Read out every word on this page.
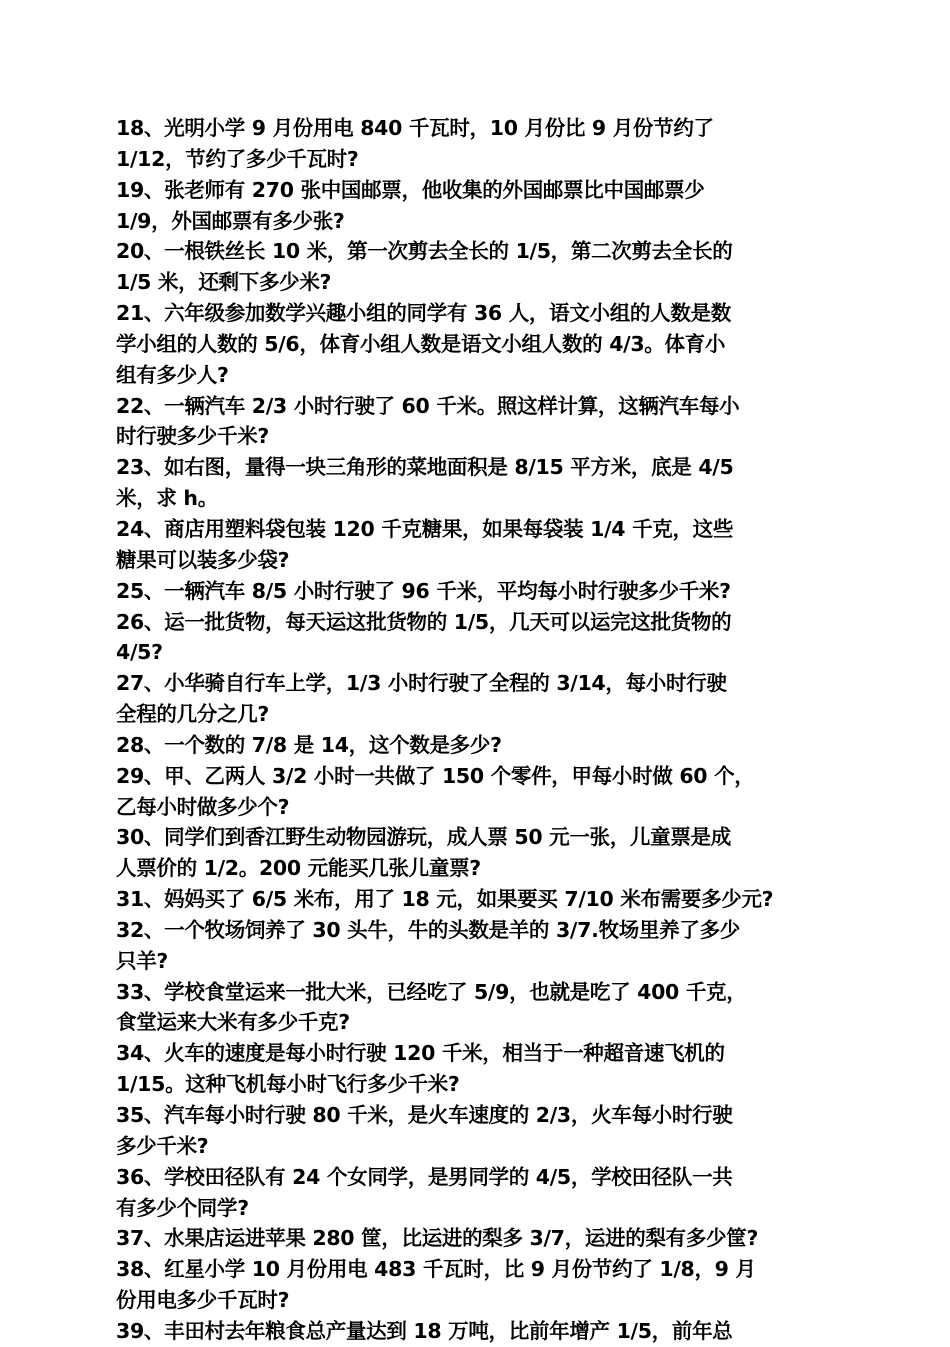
18、光明小学 9 月份用电 840 千瓦时，10 月份比 9 月份节约了
1/12，节约了多少千瓦时?
19、张老师有 270 张中国邮票，他收集的外国邮票比中国邮票少
1/9，外国邮票有多少张?
20、一根铁丝长 10 米，第一次剪去全长的 1/5，第二次剪去全长的
1/5 米，还剩下多少米?
21、六年级参加数学兴趣小组的同学有 36 人，语文小组的人数是数
学小组的人数的 5/6，体育小组人数是语文小组人数的 4/3。体育小
组有多少人?
22、一辆汽车 2/3 小时行驶了 60 千米。照这样计算，这辆汽车每小
时行驶多少千米?
23、如右图，量得一块三角形的菜地面积是 8/15 平方米，底是 4/5
米，求 h。
24、商店用塑料袋包装 120 千克糖果，如果每袋装 1/4 千克，这些
糖果可以装多少袋?
25、一辆汽车 8/5 小时行驶了 96 千米，平均每小时行驶多少千米?
26、运一批货物，每天运这批货物的 1/5，几天可以运完这批货物的
4/5?
27、小华骑自行车上学，1/3 小时行驶了全程的 3/14，每小时行驶
全程的几分之几?
28、一个数的 7/8 是 14，这个数是多少?
29、甲、乙两人 3/2 小时一共做了 150 个零件，甲每小时做 60 个，
乙每小时做多少个?
30、同学们到香江野生动物园游玩，成人票 50 元一张，儿童票是成
人票价的 1/2。200 元能买几张儿童票?
31、妈妈买了 6/5 米布，用了 18 元，如果要买 7/10 米布需要多少元?
32、一个牧场饲养了 30 头牛，牛的头数是羊的 3/7.牧场里养了多少
只羊?
33、学校食堂运来一批大米，已经吃了 5/9，也就是吃了 400 千克，
食堂运来大米有多少千克?
34、火车的速度是每小时行驶 120 千米，相当于一种超音速飞机的
1/15。这种飞机每小时飞行多少千米?
35、汽车每小时行驶 80 千米，是火车速度的 2/3，火车每小时行驶
多少千米?
36、学校田径队有 24 个女同学，是男同学的 4/5，学校田径队一共
有多少个同学?
37、水果店运进苹果 280 筐，比运进的梨多 3/7，运进的梨有多少筐?
38、红星小学 10 月份用电 483 千瓦时，比 9 月份节约了 1/8，9 月
份用电多少千瓦时?
39、丰田村去年粮食总产量达到 18 万吨，比前年增产 1/5，前年总
